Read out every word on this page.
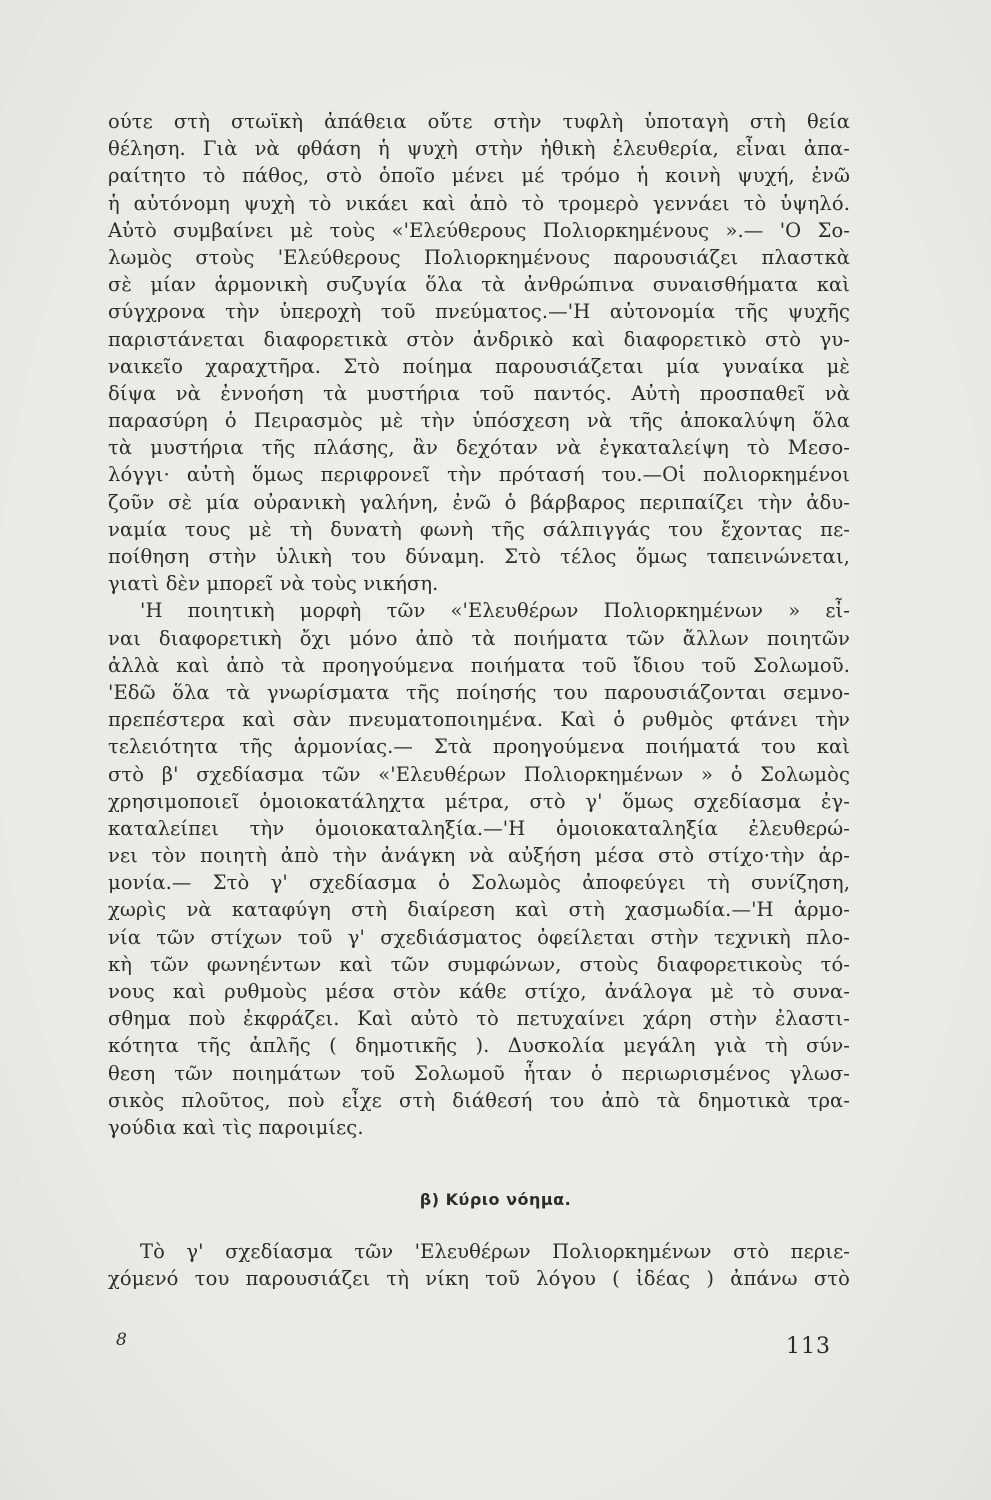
ούτε στὴ στωϊκὴ ἀπάθεια οὔτε στὴν τυφλὴ ὑποταγὴ στὴ θεία
θέληση. Γιὰ νὰ φθάση ἡ ψυχὴ στὴν ἠθικὴ ἐλευθερία, εἶναι ἀπα-
ραίτητο τὸ πάθος, στὸ ὁποῖο μένει μέ τρόμο ἡ κοινὴ ψυχή, ἐνῶ
ἡ αὐτόνομη ψυχὴ τὸ νικάει καὶ ἀπὸ τὸ τρομερὸ γεννάει τὸ ὑψηλό.
Αὐτὸ συμβαίνει μὲ τοὺς «'Ελεύθερους Πολιορκημένους ».— 'Ο Σο-
λωμὸς στοὺς 'Ελεύθερους Πολιορκημένους παρουσιάζει πλαστκὰ
σὲ μίαν ἁρμονικὴ συζυγία ὅλα τὰ ἀνθρώπινα συναισθήματα καὶ
σύγχρονα τὴν ὑπεροχὴ τοῦ πνεύματος.—'Η αὐτονομία τῆς ψυχῆς
παριστάνεται διαφορετικὰ στὸν ἀνδρικὸ καὶ διαφορετικὸ στὸ γυ-
ναικεῖο χαραχτῆρα. Στὸ ποίημα παρουσιάζεται μία γυναίκα μὲ
δίψα νὰ ἐννοήση τὰ μυστήρια τοῦ παντός. Αὐτὴ προσπαθεῖ νὰ
παρασύρη ὁ Πειρασμὸς μὲ τὴν ὑπόσχεση νὰ τῆς ἀποκαλύψη ὅλα
τὰ μυστήρια τῆς πλάσης, ἂν δεχόταν νὰ ἐγκαταλείψη τὸ Μεσο-
λόγγι· αὐτὴ ὅμως περιφρονεῖ τὴν πρότασή του.—Οἱ πολιορκημένοι
ζοῦν σὲ μία οὐρανικὴ γαλήνη, ἐνῶ ὁ βάρβαρος περιπαίζει τὴν ἀδυ-
ναμία τους μὲ τὴ δυνατὴ φωνὴ τῆς σάλπιγγάς του ἔχοντας πε-
ποίθηση στὴν ὑλικὴ του δύναμη. Στὸ τέλος ὅμως ταπεινώνεται,
γιατὶ δὲν μπορεῖ νὰ τοὺς νικήση.
'Η ποιητικὴ μορφὴ τῶν «'Ελευθέρων Πολιορκημένων » εἶ-
ναι διαφορετικὴ ὄχι μόνο ἀπὸ τὰ ποιήματα τῶν ἄλλων ποιητῶν
ἀλλὰ καὶ ἀπὸ τὰ προηγούμενα ποιήματα τοῦ ἴδιου τοῦ Σολωμοῦ.
'Εδῶ ὅλα τὰ γνωρίσματα τῆς ποίησής του παρουσιάζονται σεμνο-
πρεπέστερα καὶ σὰν πνευματοποιημένα. Καὶ ὁ ρυθμὸς φτάνει τὴν
τελειότητα τῆς ἁρμονίας.— Στὰ προηγούμενα ποιήματά του καὶ
στὸ β' σχεδίασμα τῶν «'Ελευθέρων Πολιορκημένων » ὁ Σολωμὸς
χρησιμοποιεῖ ὁμοιοκατάληχτα μέτρα, στὸ γ' ὅμως σχεδίασμα ἐγ-
καταλείπει τὴν ὁμοιοκαταληξία.—'Η ὁμοιοκαταληξία ἐλευθερώ-
νει τὸν ποιητὴ ἀπὸ τὴν ἀνάγκη νὰ αὐξήση μέσα στὸ στίχο·τὴν ἁρ-
μονία.— Στὸ γ' σχεδίασμα ὁ Σολωμὸς ἀποφεύγει τὴ συνίζηση,
χωρὶς νὰ καταφύγη στὴ διαίρεση καὶ στὴ χασμωδία.—'Η ἁρμο-
νία τῶν στίχων τοῦ γ' σχεδιάσματος ὀφείλεται στὴν τεχνικὴ πλο-
κὴ τῶν φωνηέντων καὶ τῶν συμφώνων, στοὺς διαφορετικοὺς τό-
νους καὶ ρυθμοὺς μέσα στὸν κάθε στίχο, ἀνάλογα μὲ τὸ συνα-
σθημα ποὺ ἐκφράζει. Καὶ αὐτὸ τὸ πετυχαίνει χάρη στὴν ἐλαστι-
κότητα τῆς ἁπλῆς ( δημοτικῆς ). Δυσκολία μεγάλη γιὰ τὴ σύν-
θεση τῶν ποιημάτων τοῦ Σολωμοῦ ἦταν ὁ περιωρισμένος γλωσ-
σικὸς πλοῦτος, ποὺ εἶχε στὴ διάθεσή του ἀπὸ τὰ δημοτικὰ τρα-
γούδια καὶ τὶς παροιμίες.
β) Κύριο νόημα.
Τὸ γ' σχεδίασμα τῶν 'Ελευθέρων Πολιορκημένων στὸ περιε-
χόμενό του παρουσιάζει τὴ νίκη τοῦ λόγου ( ἰδέας ) ἀπάνω στὸ
8	113
